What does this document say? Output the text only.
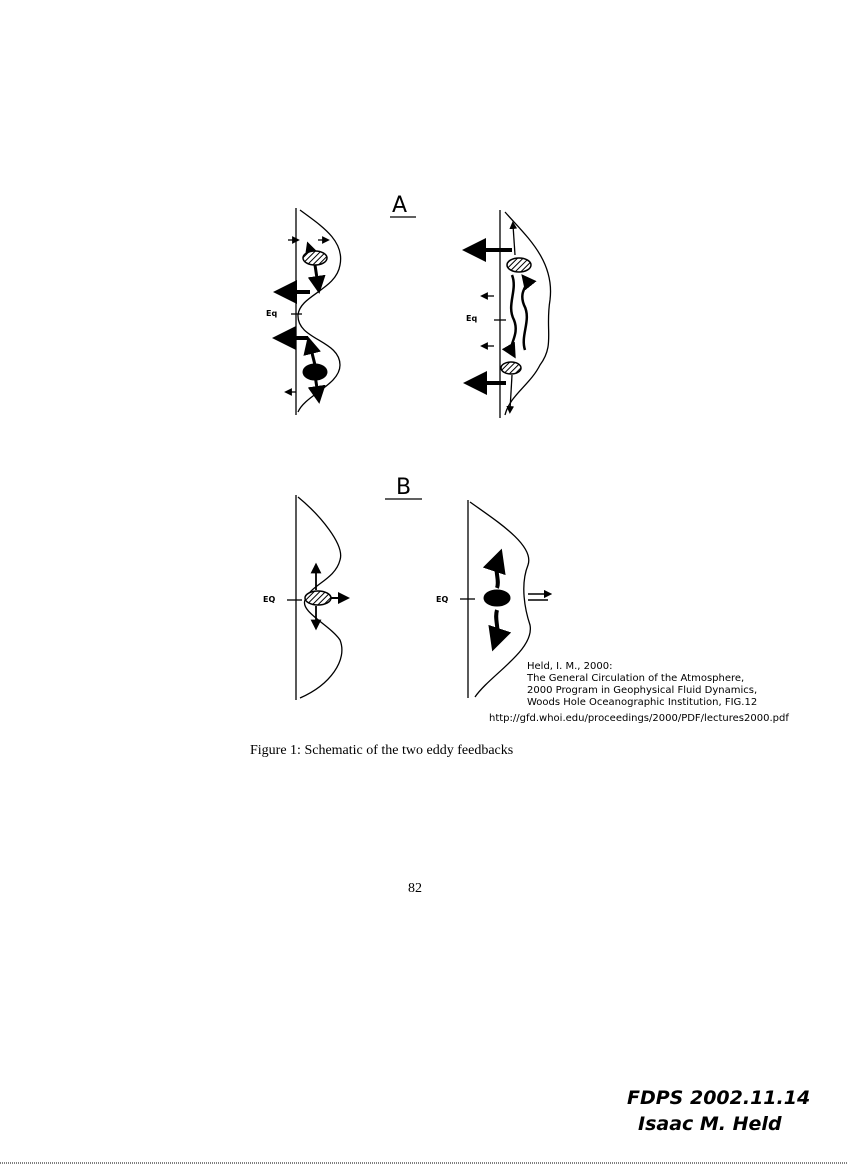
A
Eq
Eq
B
EQ	EQ
Held, I. M., 2000:
The General Circulation of the Atmosphere,
2000 Program in Geophysical Fluid Dynamics,
Woods Hole Oceanographic Institution, FIG.12
http://gfd.whoi.edu/proceedings/2000/PDF/lectures2000.pdf
Figure 1: Schematic of the two eddy feedbacks
82
FDPS 2002.11.14
Isaac M. Held
